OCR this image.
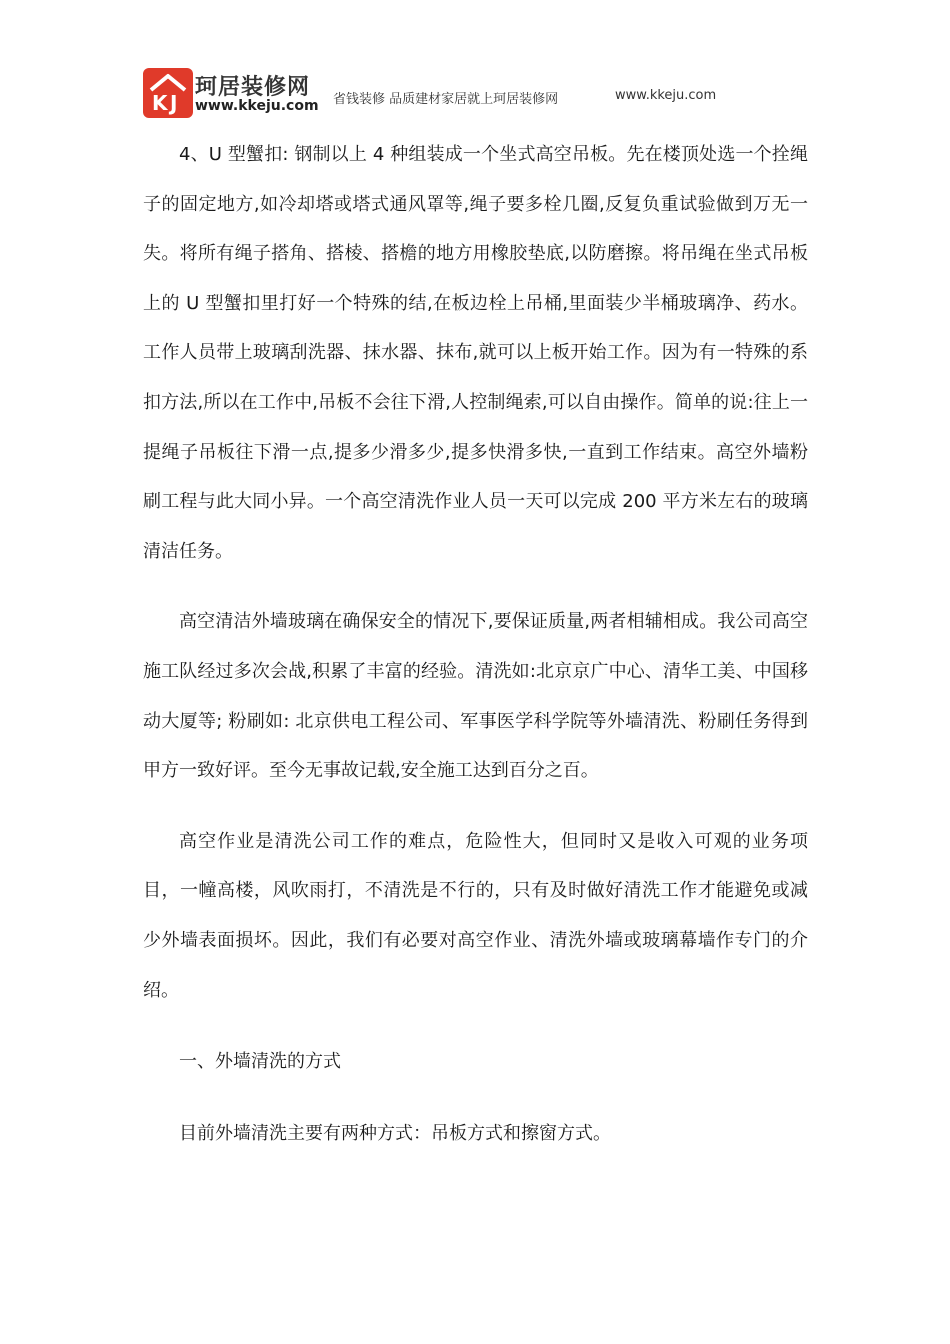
K J
珂居装修网
www.kkeju.com 省钱装修 品质建材家居就上珂居装修网	www.kkeju.com

4、U 型蟹扣: 钢制以上 4 种组装成一个坐式高空吊板。先在楼顶处选一个拴绳子的固定地方,如冷却塔或塔式通风罩等,绳子要多栓几圈,反复负重试验做到万无一失。将所有绳子搭角、搭棱、搭檐的地方用橡胶垫底,以防磨擦。将吊绳在坐式吊板上的 U 型蟹扣里打好一个特殊的结,在板边栓上吊桶,里面装少半桶玻璃净、药水。工作人员带上玻璃刮洗器、抹水器、抹布,就可以上板开始工作。因为有一特殊的系扣方法,所以在工作中,吊板不会往下滑,人控制绳索,可以自由操作。简单的说:往上一提绳子吊板往下滑一点,提多少滑多少,提多快滑多快,一直到工作结束。高空外墙粉刷工程与此大同小异。一个高空清洗作业人员一天可以完成 200 平方米左右的玻璃清洁任务。

高空清洁外墙玻璃在确保安全的情况下,要保证质量,两者相辅相成。我公司高空施工队经过多次会战,积累了丰富的经验。清洗如:北京京广中心、清华工美、中国移动大厦等; 粉刷如: 北京供电工程公司、军事医学科学院等外墙清洗、粉刷任务得到甲方一致好评。至今无事故记载,安全施工达到百分之百。

高空作业是清洗公司工作的难点，危险性大，但同时又是收入可观的业务项目，一幢高楼，风吹雨打，不清洗是不行的，只有及时做好清洗工作才能避免或减少外墙表面损坏。因此，我们有必要对高空作业、清洗外墙或玻璃幕墙作专门的介绍。

一、外墙清洗的方式

目前外墙清洗主要有两种方式：吊板方式和擦窗方式。
